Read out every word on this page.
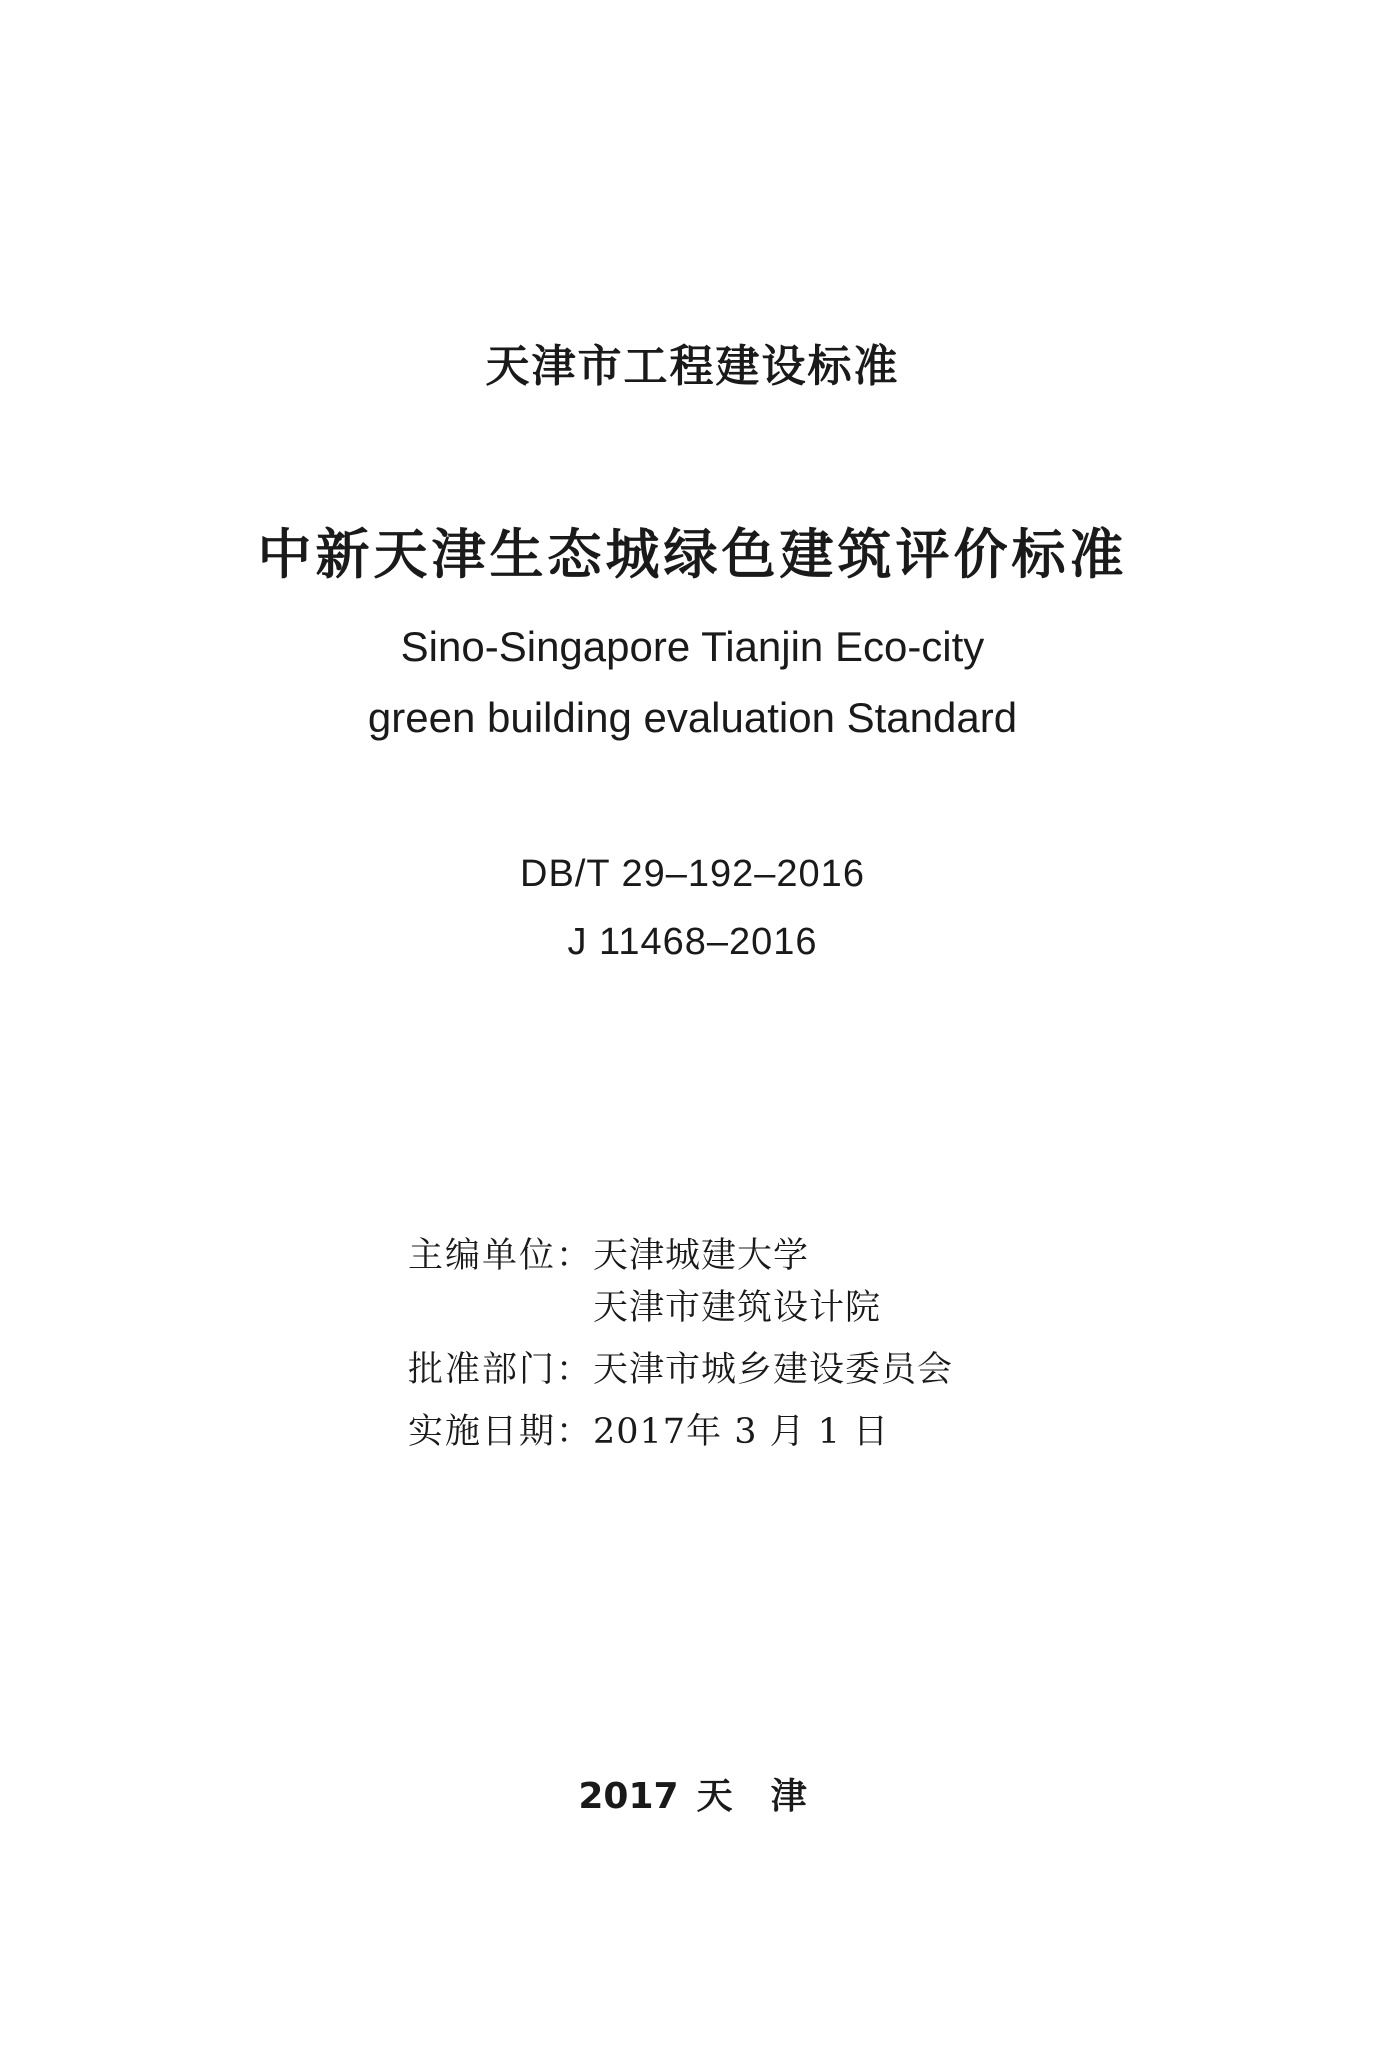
天津市工程建设标准
中新天津生态城绿色建筑评价标准
Sino-Singapore Tianjin Eco-city
green building evaluation Standard
DB/T 29–192–2016
J 11468–2016
主编单位： 天津城建大学
天津市建筑设计院
批准部门： 天津市城乡建设委员会
实施日期： 2017年 3 月 1 日
2017 天 津
